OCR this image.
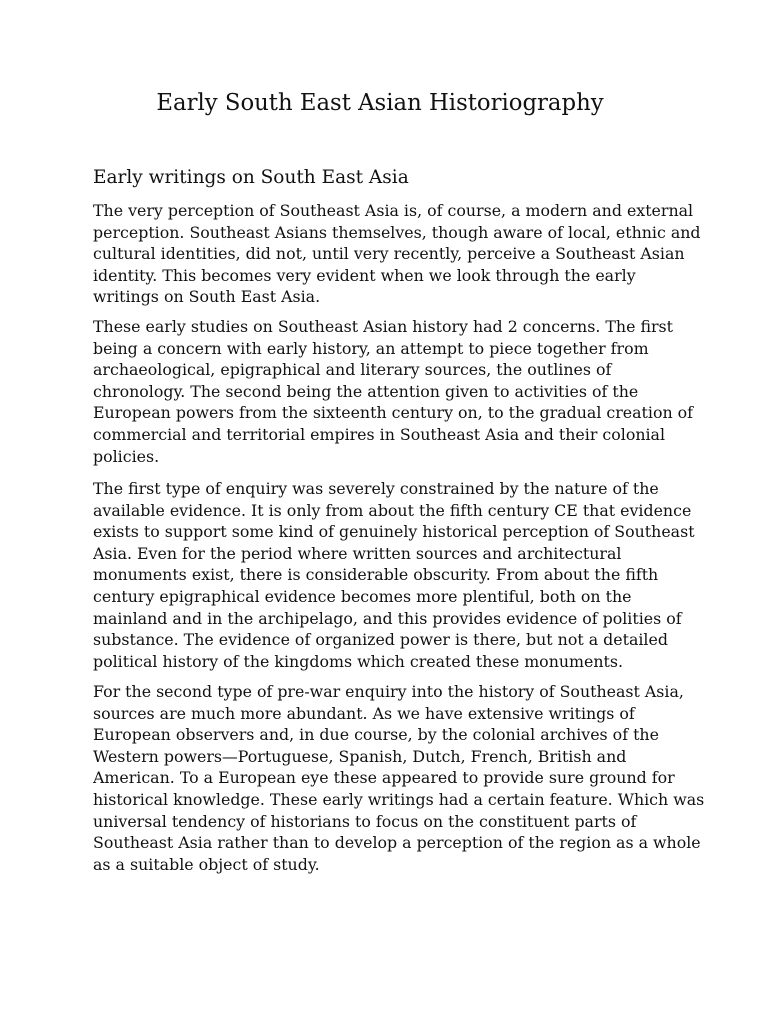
Early South East Asian Historiography
Early writings on South East Asia
The very perception of Southeast Asia is, of course, a modern and external
perception. Southeast Asians themselves, though aware of local, ethnic and
cultural identities, did not, until very recently, perceive a Southeast Asian
identity. This becomes very evident when we look through the early
writings on South East Asia.
These early studies on Southeast Asian history had 2 concerns. The first
being a concern with early history, an attempt to piece together from
archaeological, epigraphical and literary sources, the outlines of
chronology. The second being the attention given to activities of the
European powers from the sixteenth century on, to the gradual creation of
commercial and territorial empires in Southeast Asia and their colonial
policies.
The first type of enquiry was severely constrained by the nature of the
available evidence. It is only from about the fifth century CE that evidence
exists to support some kind of genuinely historical perception of Southeast
Asia. Even for the period where written sources and architectural
monuments exist, there is considerable obscurity. From about the fifth
century epigraphical evidence becomes more plentiful, both on the
mainland and in the archipelago, and this provides evidence of polities of
substance. The evidence of organized power is there, but not a detailed
political history of the kingdoms which created these monuments.
For the second type of pre-war enquiry into the history of Southeast Asia,
sources are much more abundant. As we have extensive writings of
European observers and, in due course, by the colonial archives of the
Western powers—Portuguese, Spanish, Dutch, French, British and
American. To a European eye these appeared to provide sure ground for
historical knowledge. These early writings had a certain feature. Which was
universal tendency of historians to focus on the constituent parts of
Southeast Asia rather than to develop a perception of the region as a whole
as a suitable object of study.
